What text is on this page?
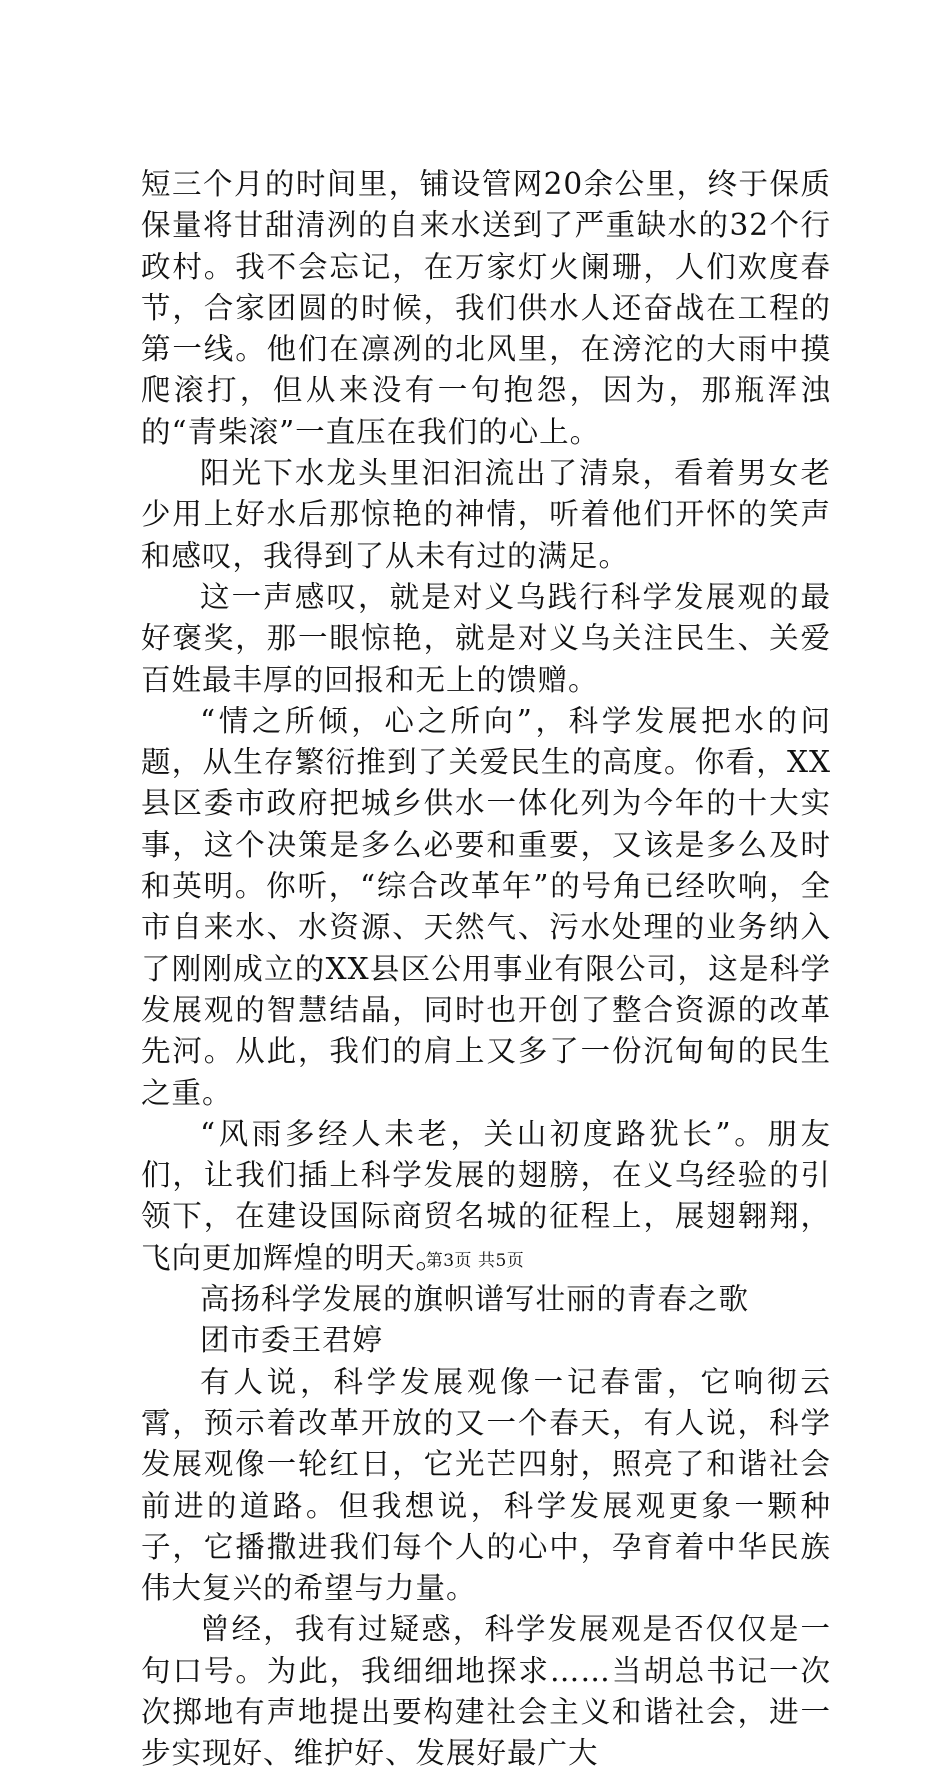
短三个月的时间里，铺设管网20余公里，终于保质保量将甘甜清洌的自来水送到了严重缺水的32个行政村。我不会忘记，在万家灯火阑珊，人们欢度春节，合家团圆的时候，我们供水人还奋战在工程的第一线。他们在凛冽的北风里，在滂沱的大雨中摸爬滚打，但从来没有一句抱怨，因为，那瓶浑浊的“青柴滚”一直压在我们的心上。

阳光下水龙头里汩汩流出了清泉，看着男女老少用上好水后那惊艳的神情，听着他们开怀的笑声和感叹，我得到了从未有过的满足。

这一声感叹，就是对义乌践行科学发展观的最好褒奖，那一眼惊艳，就是对义乌关注民生、关爱百姓最丰厚的回报和无上的馈赠。

“情之所倾，心之所向”，科学发展把水的问题，从生存繁衍推到了关爱民生的高度。你看，XX县区委市政府把城乡供水一体化列为今年的十大实事，这个决策是多么必要和重要，又该是多么及时和英明。你听，“综合改革年”的号角已经吹响，全市自来水、水资源、天然气、污水处理的业务纳入了刚刚成立的XX县区公用事业有限公司，这是科学发展观的智慧结晶，同时也开创了整合资源的改革先河。从此，我们的肩上又多了一份沉甸甸的民生之重。

“风雨多经人未老，关山初度路犹长”。朋友们，让我们插上科学发展的翅膀，在义乌经验的引领下，在建设国际商贸名城的征程上，展翅翱翔，飞向更加辉煌的明天。

高扬科学发展的旗帜谱写壮丽的青春之歌

团市委王君婷

有人说，科学发展观像一记春雷，它响彻云霄，预示着改革开放的又一个春天，有人说，科学发展观像一轮红日，它光芒四射，照亮了和谐社会前进的道路。但我想说，科学发展观更象一颗种子，它播撒进我们每个人的心中，孕育着中华民族伟大复兴的希望与力量。

曾经，我有过疑惑，科学发展观是否仅仅是一句口号。为此，我细细地探求……当胡总书记一次次掷地有声地提出要构建社会主义和谐社会，进一步实现好、维护好、发展好最广大

第3页 共5页
